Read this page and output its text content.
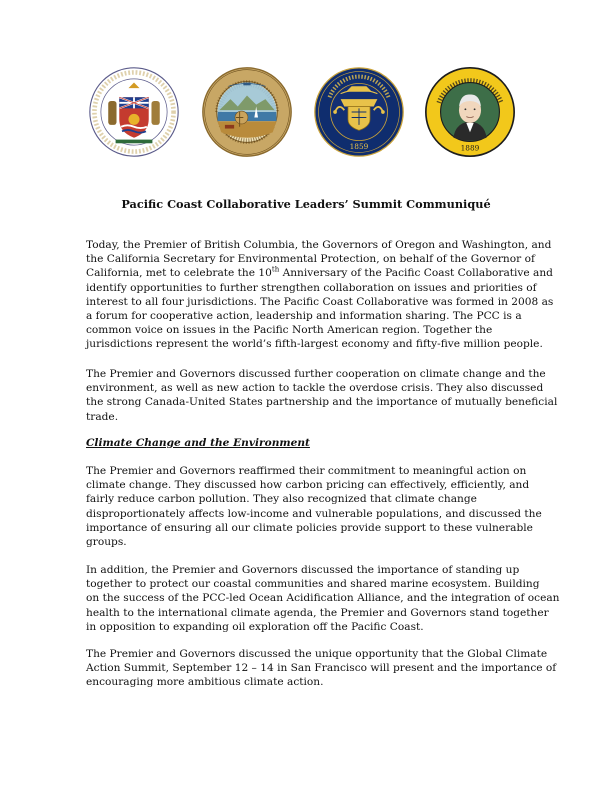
1859	1889
Pacific Coast Collaborative Leaders’ Summit Communiqué
Today, the Premier of British Columbia, the Governors of Oregon and Washington, and
the California Secretary for Environmental Protection, on behalf of the Governor of
California, met to celebrate the 10th Anniversary of the Pacific Coast Collaborative and
identify opportunities to further strengthen collaboration on issues and priorities of
interest to all four jurisdictions. The Pacific Coast Collaborative was formed in 2008 as
a forum for cooperative action, leadership and information sharing. The PCC is a
common voice on issues in the Pacific North American region. Together the
jurisdictions represent the world’s fifth-largest economy and fifty-five million people.
The Premier and Governors discussed further cooperation on climate change and the
environment, as well as new action to tackle the overdose crisis. They also discussed
the strong Canada-United States partnership and the importance of mutually beneficial
trade.
Climate Change and the Environment
The Premier and Governors reaffirmed their commitment to meaningful action on
climate change. They discussed how carbon pricing can effectively, efficiently, and
fairly reduce carbon pollution. They also recognized that climate change
disproportionately affects low-income and vulnerable populations, and discussed the
importance of ensuring all our climate policies provide support to these vulnerable
groups.
In addition, the Premier and Governors discussed the importance of standing up
together to protect our coastal communities and shared marine ecosystem. Building
on the success of the PCC-led Ocean Acidification Alliance, and the integration of ocean
health to the international climate agenda, the Premier and Governors stand together
in opposition to expanding oil exploration off the Pacific Coast.
The Premier and Governors discussed the unique opportunity that the Global Climate
Action Summit, September 12 – 14 in San Francisco will present and the importance of
encouraging more ambitious climate action.
